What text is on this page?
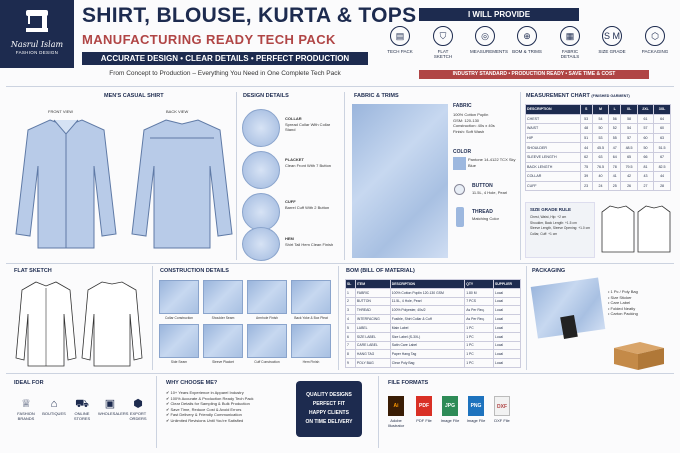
Nasrul Islam
FASHION DESIGN
SHIRT, BLOUSE, KURTA & TOPS
MANUFACTURING READY TECH PACK
ACCURATE DESIGN • CLEAR DETAILS • PERFECT PRODUCTION
From Concept to Production – Everything You Need in One Complete Tech Pack
I WILL PROVIDE
▤
TECH PACK
⛉
FLAT SKETCH
◎
MEASUREMENTS
⊕
BOM & TRIMS
▦
FABRIC DETAILS
S M
SIZE GRADE
⬡
PACKAGING
INDUSTRY STANDARD • PRODUCTION READY • SAVE TIME & COST
MEN'S CASUAL SHIRT
FRONT VIEW	BACK VIEW
DESIGN DETAILS
COLLAR
Spread Collar With Collar Stand
PLACKET
Clean Front With 7 Button
CUFF
Barrel Cuff With 2 Button
HEM
Shirt Tail Hem Clean Finish
FABRIC & TRIMS
FABRIC
100% Cotton Poplin
GSM: 120-130
Construction: 40s x 40s
Finish: Soft Wash
COLOR
Pantone 14-4122 TCX Sky Blue
BUTTON
11.5L, 4 Hole, Pearl
THREAD
Matching Color
MEASUREMENT CHART (FINISHED GARMENT)
DESCRIPTION	S	M	L	XL	2XL	3XL
CHEST	53	54	56	58	61	64
WAIST	48	50	52	54	57	60
HIP	51	53	55	57	60	63
SHOULDER	44	45.5	47	48.5	50	51.5
SLEEVE LENGTH	62	63	64	65	66	67
BACK LENGTH	75	76.5	78	79.5	81	82.5
COLLAR	39	40	41	42	43	44
CUFF	23	24	25	26	27	28
SIZE GRADE RULE
Chest, Waist, Hip: +2 cm
Shoulder, Back Length: +1.5 cm
Sleeve Length, Sleeve Opening: +1.0 cm
Collar, Cuff: +1 cm
FLAT SKETCH	CONSTRUCTION DETAILS
Collar Construction	Shoulder Seam	Armhole Finish	Back Yoke & Box Pleat
Side Seam	Sleeve Placket	Cuff Construction	Hem Finish
BOM (BILL OF MATERIAL)
SL	ITEM	DESCRIPTION	QTY	SUPPLIER
1	FABRIC	100% Cotton Poplin 120-130 GSM	1.80 M	Local
2	BUTTON	11.5L, 4 Hole, Pearl	7 PCS	Local
3	THREAD	100% Polyester, 40s/2	As Per Req.	Local
4	INTERFACING	Fusible, Shirt Collar & Cuff	As Per Req.	Local
5	LABEL	Main Label	1 PC	Local
6	SIZE LABEL	Size Label (S-3XL)	1 PC	Local
7	CARE LABEL	Satin Care Label	1 PC	Local
8	HANG TAG	Paper Hang Tag	1 PC	Local
9	POLY BAG	Clear Poly Bag	1 PC	Local
PACKAGING
• 1 Pc / Poly Bag
• Size Sticker
• Care Label
• Folded Neatly
• Carton Packing
IDEAL FOR
♕
FASHION BRANDS
⌂
BOUTIQUES
⛟
ONLINE STORES
▣
WHOLESALERS
⬢
EXPORT ORDERS
WHY CHOOSE ME?
✔ 10+ Years Experience in Apparel Industry
✔ 100% Accurate & Production Ready Tech Pack
✔ Clear Details for Sampling & Bulk Production
✔ Save Time, Reduce Cost & Avoid Errors
✔ Fast Delivery & Friendly Communication
✔ Unlimited Revisions Until You're Satisfied
QUALITY DESIGNS
PERFECT FIT
HAPPY CLIENTS
ON TIME DELIVERY
FILE FORMATS
Ai
Adobe Illustrator
PDF
PDF File
JPG
Image File
PNG
Image File
DXF
DXF File
